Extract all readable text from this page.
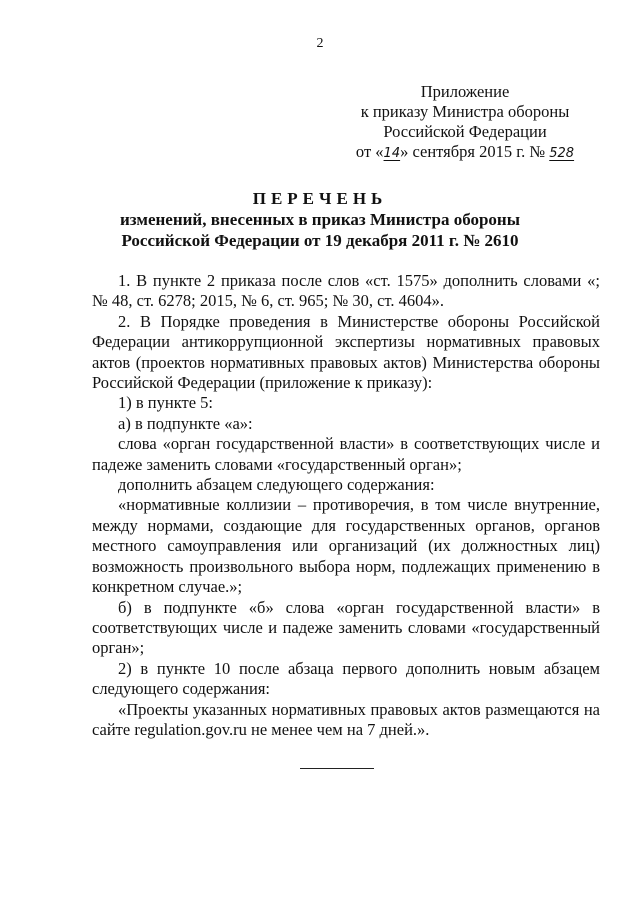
2
Приложение
к приказу Министра обороны
Российской Федерации
от «14» сентября 2015 г. № 528
ПЕРЕЧЕНЬ
изменений, внесенных в приказ Министра обороны
Российской Федерации от 19 декабря 2011 г. № 2610

1. В пункте 2 приказа после слов «ст. 1575» дополнить словами «; № 48, ст. 6278; 2015, № 6, ст. 965; № 30, ст. 4604».

2. В Порядке проведения в Министерстве обороны Российской Федерации антикоррупционной экспертизы нормативных правовых актов (проектов нормативных правовых актов) Министерства обороны Российской Федерации (приложение к приказу):

1) в пункте 5:

а) в подпункте «а»:

слова «орган государственной власти» в соответствующих числе и падеже заменить словами «государственный орган»;

дополнить абзацем следующего содержания:

«нормативные коллизии – противоречия, в том числе внутренние, между нормами, создающие для государственных органов, органов местного самоуправления или организаций (их должностных лиц) возможность произвольного выбора норм, подлежащих применению в конкретном случае.»;

б) в подпункте «б» слова «орган государственной власти» в соответствующих числе и падеже заменить словами «государственный орган»;

2) в пункте 10 после абзаца первого дополнить новым абзацем следующего содержания:

«Проекты указанных нормативных правовых актов размещаются на сайте regulation.gov.ru не менее чем на 7 дней.».
